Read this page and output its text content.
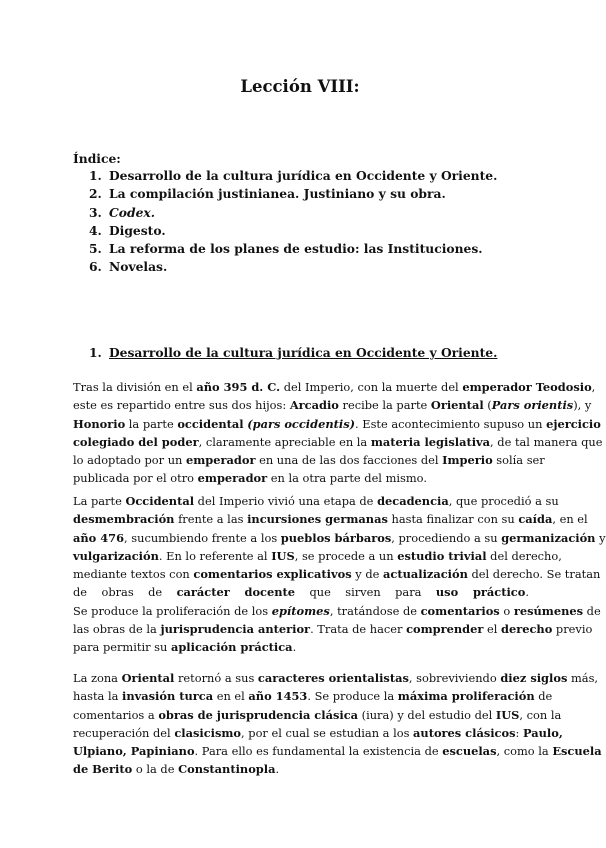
Lección VIII:
Índice:
1. Desarrollo de la cultura jurídica en Occidente y Oriente.
2. La compilación justinianea. Justiniano y su obra.
3. Codex.
4. Digesto.
5. La reforma de los planes de estudio: las Instituciones.
6. Novelas.
1. Desarrollo de la cultura jurídica en Occidente y Oriente.
Tras la división en el año 395 d. C. del Imperio, con la muerte del emperador Teodosio,
este es repartido entre sus dos hijos: Arcadio recibe la parte Oriental (Pars orientis), y
Honorio la parte occidental (pars occidentis). Este acontecimiento supuso un ejercicio
colegiado del poder, claramente apreciable en la materia legislativa, de tal manera que
lo adoptado por un emperador en una de las dos facciones del Imperio solía ser
publicada por el otro emperador en la otra parte del mismo.
La parte Occidental del Imperio vivió una etapa de decadencia, que procedió a su
desmembración frente a las incursiones germanas hasta finalizar con su caída, en el
año 476, sucumbiendo frente a los pueblos bárbaros, procediendo a su germanización y
vulgarización. En lo referente al IUS, se procede a un estudio trivial del derecho,
mediante textos con comentarios explicativos y de actualización del derecho. Se tratan
de obras de carácter docente que sirven para uso práctico.
Se produce la proliferación de los epítomes, tratándose de comentarios o resúmenes de
las obras de la jurisprudencia anterior. Trata de hacer comprender el derecho previo
para permitir su aplicación práctica.
La zona Oriental retornó a sus caracteres orientalistas, sobreviviendo diez siglos más,
hasta la invasión turca en el año 1453. Se produce la máxima proliferación de
comentarios a obras de jurisprudencia clásica (iura) y del estudio del IUS, con la
recuperación del clasicismo, por el cual se estudian a los autores clásicos: Paulo,
Ulpiano, Papiniano. Para ello es fundamental la existencia de escuelas, como la Escuela
de Berito o la de Constantinopla.
